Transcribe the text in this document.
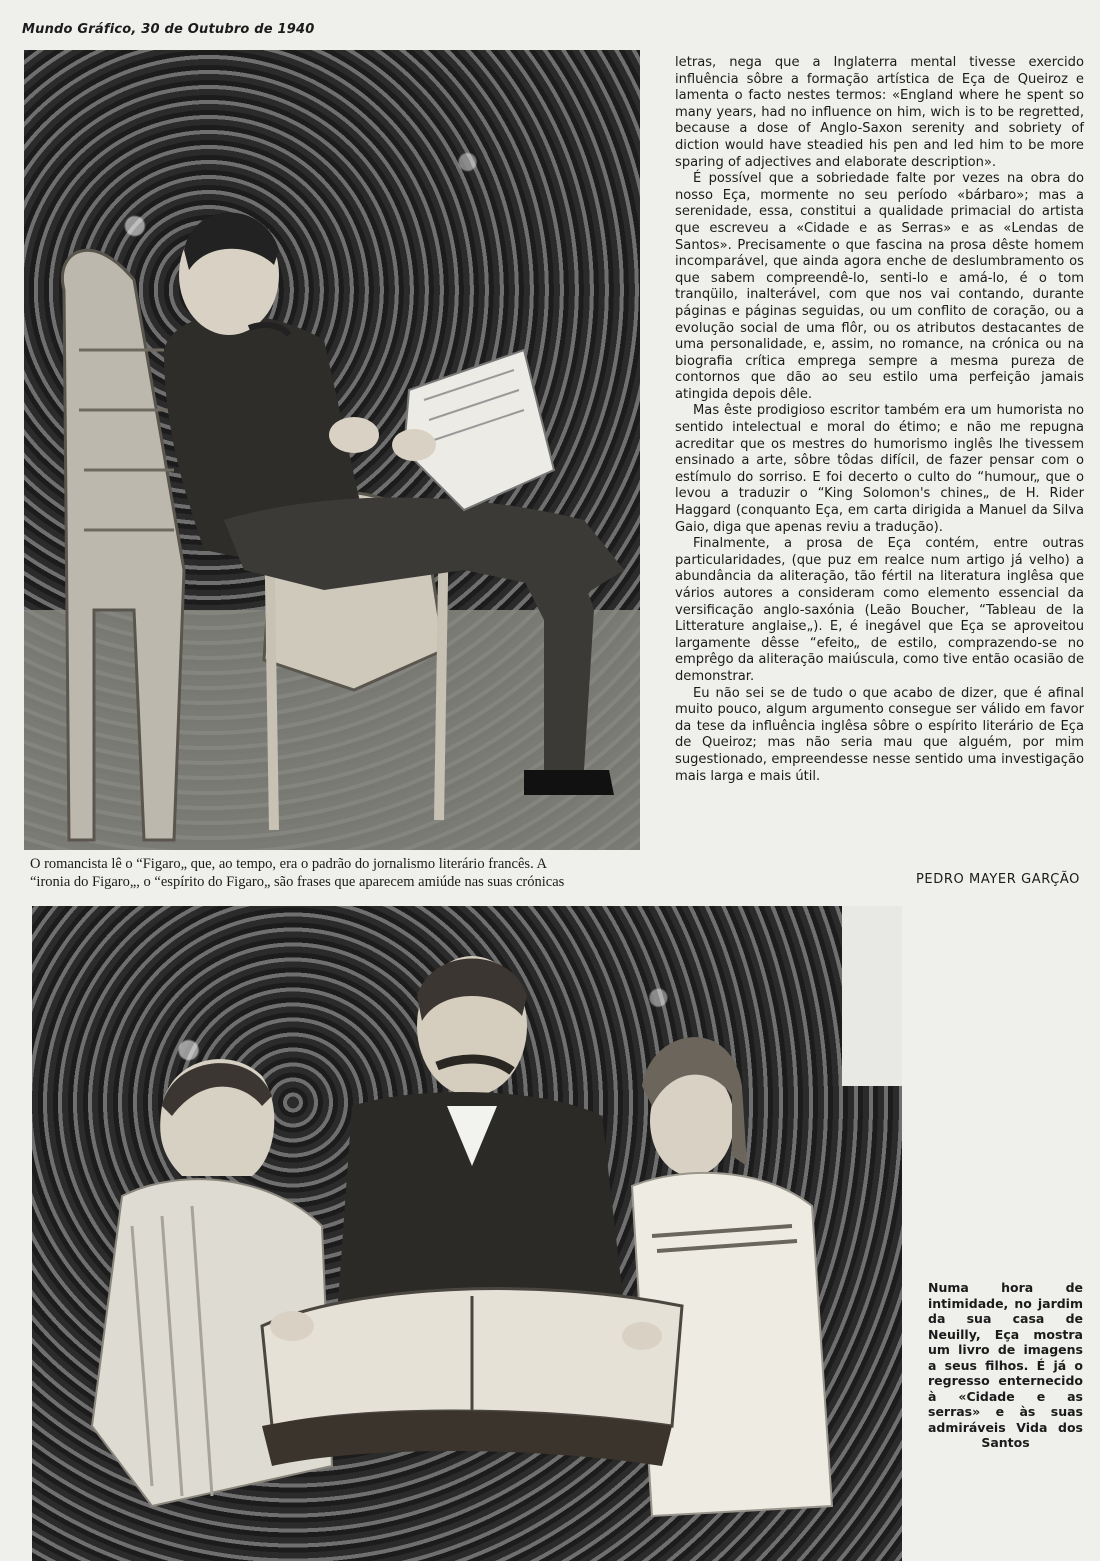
Mundo Gráfico, 30 de Outubro de 1940

O romancista lê o “Figaro„ que, ao tempo, era o padrão do jornalismo literário francês. A

“ironia do Figaro„, o “espírito do Figaro„ são frases que aparecem amiúde nas suas crónicas

letras, nega que a Inglaterra mental tivesse exercido influência sôbre a formação artística de Eça de Queiroz e lamenta o facto nestes termos: «England where he spent so many years, had no influence on him, wich is to be regretted, because a dose of Anglo-Saxon serenity and sobriety of diction would have steadied his pen and led him to be more sparing of adjectives and elaborate description».

É possível que a sobriedade falte por vezes na obra do nosso Eça, mormente no seu período «bárbaro»; mas a serenidade, essa, constitui a qualidade primacial do artista que escreveu a «Cidade e as Serras» e as «Lendas de Santos». Precisamente o que fascina na prosa dêste homem incomparável, que ainda agora enche de deslumbramento os que sabem compreendê-lo, senti-lo e amá-lo, é o tom tranqüilo, inalterável, com que nos vai contando, durante páginas e páginas seguidas, ou um conflito de coração, ou a evolução social de uma flôr, ou os atributos destacantes de uma personalidade, e, assim, no romance, na crónica ou na biografia crítica emprega sempre a mesma pureza de contornos que dão ao seu estilo uma perfeição jamais atingida depois dêle.

Mas êste prodigioso escritor também era um humorista no sentido intelectual e moral do étimo; e não me repugna acreditar que os mestres do humorismo inglês lhe tivessem ensinado a arte, sôbre tôdas difícil, de fazer pensar com o estímulo do sorriso. E foi decerto o culto do “humour„ que o levou a traduzir o “King Solomon's chines„ de H. Rider Haggard (conquanto Eça, em carta dirigida a Manuel da Silva Gaio, diga que apenas reviu a tradução).

Finalmente, a prosa de Eça contém, entre outras particularidades, (que puz em realce num artigo já velho) a abundância da aliteração, tão fértil na literatura inglêsa que vários autores a consideram como elemento essencial da versificação anglo-saxónia (Leão Boucher, “Tableau de la Litterature anglaise„). E, é inegável que Eça se aproveitou largamente dêsse “efeito„ de estilo, comprazendo-se no emprêgo da aliteração maiúscula, como tive então ocasião de demonstrar.

Eu não sei se de tudo o que acabo de dizer, que é afinal muito pouco, algum argumento consegue ser válido em favor da tese da influência inglêsa sôbre o espírito literário de Eça de Queiroz; mas não seria mau que alguém, por mim sugestionado, empreendesse nesse sentido uma investigação mais larga e mais útil.

PEDRO MAYER GARÇÃO
Numa hora de intimidade, no jardim da sua casa de Neuilly, Eça mostra um livro de imagens a seus filhos. É já o regresso enternecido à «Cidade e as serras» e às suas admiráveis Vida dos Santos
